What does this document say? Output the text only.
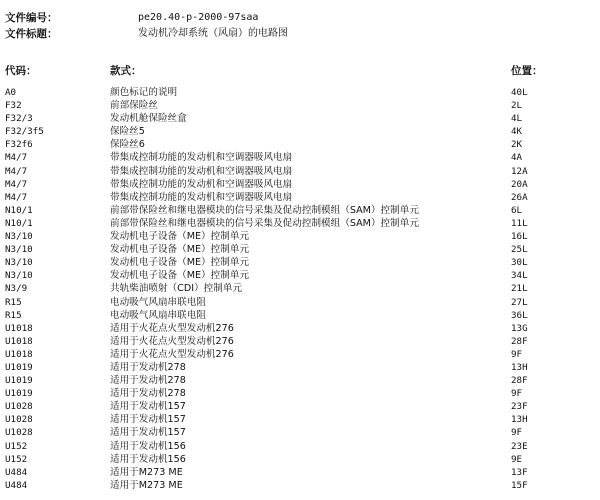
文件编号：	pe20.40-p-2000-97saa
文件标题：	发动机冷却系统（风扇）的电路图
代码：	款式：	位置：
A0	颜色标记的说明	40L
F32	前部保险丝	2L
F32/3	发动机舱保险丝盒	4L
F32/3f5	保险丝5	4K
F32f6	保险丝6	2K
M4/7	带集成控制功能的发动机和空调器吸风电扇	4A
M4/7	带集成控制功能的发动机和空调器吸风电扇	12A
M4/7	带集成控制功能的发动机和空调器吸风电扇	20A
M4/7	带集成控制功能的发动机和空调器吸风电扇	26A
N10/1	前部带保险丝和继电器模块的信号采集及促动控制模组（SAM）控制单元	6L
N10/1	前部带保险丝和继电器模块的信号采集及促动控制模组（SAM）控制单元	11L
N3/10	发动机电子设备（ME）控制单元	16L
N3/10	发动机电子设备（ME）控制单元	25L
N3/10	发动机电子设备（ME）控制单元	30L
N3/10	发动机电子设备（ME）控制单元	34L
N3/9	共轨柴油喷射（CDI）控制单元	21L
R15	电动吸气风扇串联电阻	27L
R15	电动吸气风扇串联电阻	36L
U1018	适用于火花点火型发动机276	13G
U1018	适用于火花点火型发动机276	28F
U1018	适用于火花点火型发动机276	9F
U1019	适用于发动机278	13H
U1019	适用于发动机278	28F
U1019	适用于发动机278	9F
U1028	适用于发动机157	23F
U1028	适用于发动机157	13H
U1028	适用于发动机157	9F
U152	适用于发动机156	23E
U152	适用于发动机156	9E
U484	适用于M273 ME	13F
U484	适用于M273 ME	15F
